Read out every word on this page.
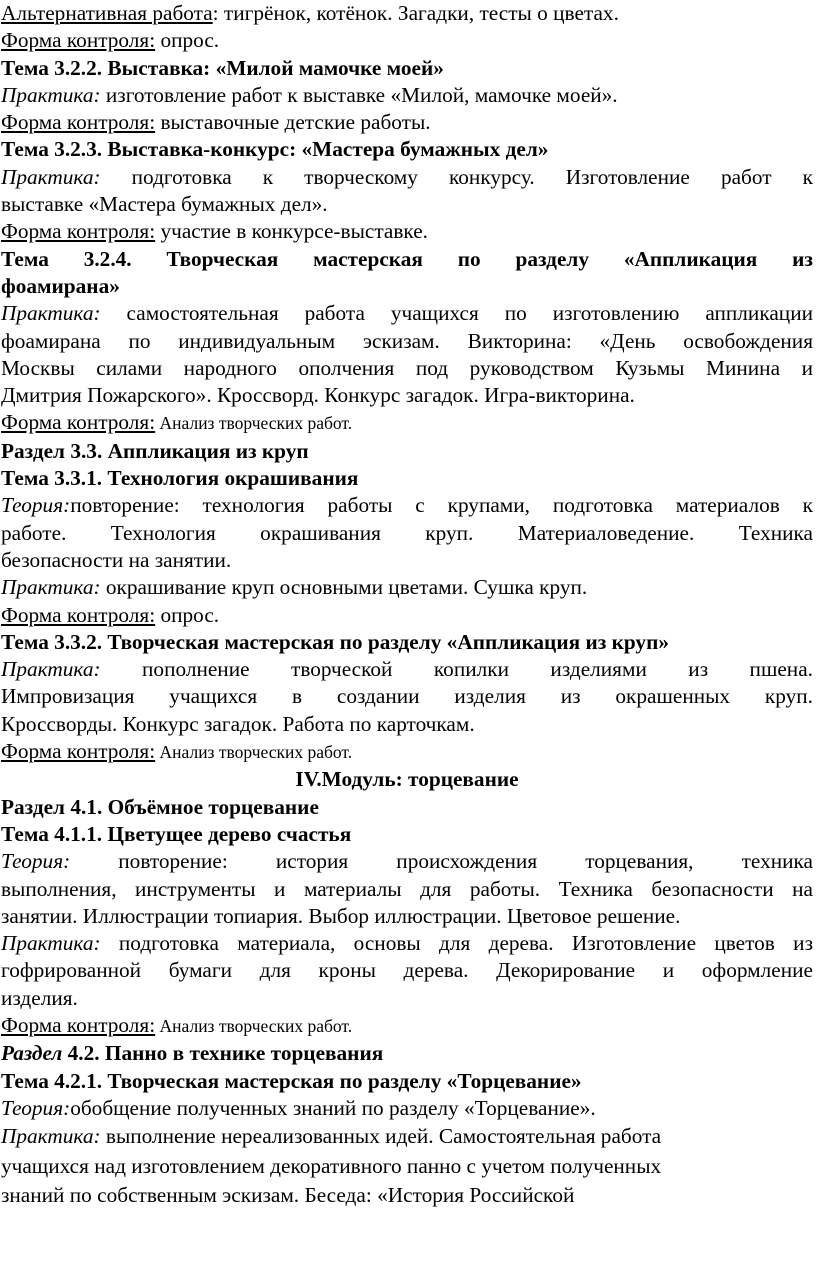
Альтернативная работа: тигрёнок, котёнок. Загадки, тесты о цветах.

Форма контроля: опрос.

Тема 3.2.2. Выставка: «Милой мамочке моей»

Практика: изготовление работ к выставке «Милой, мамочке моей».

Форма контроля: выставочные детские работы.

Тема 3.2.3. Выставка-конкурс: «Мастера бумажных дел»

Практика: подготовка к творческому конкурсу. Изготовление работ к

выставке «Мастера бумажных дел».

Форма контроля: участие в конкурсе-выставке.

Тема 3.2.4. Творческая мастерская по разделу «Аппликация из

фоамирана»

Практика: самостоятельная работа учащихся по изготовлению аппликации

фоамирана по индивидуальным эскизам. Викторина: «День освобождения

Москвы силами народного ополчения под руководством Кузьмы Минина и

Дмитрия Пожарского». Кроссворд. Конкурс загадок. Игра-викторина.

Форма контроля: Анализ творческих работ.

Раздел 3.3. Аппликация из круп

Тема 3.3.1. Технология окрашивания

Теория:повторение: технология работы с крупами, подготовка материалов к

работе. Технология окрашивания круп. Материаловедение. Техника

безопасности на занятии.

Практика: окрашивание круп основными цветами. Сушка круп.

Форма контроля: опрос.

Тема 3.3.2. Творческая мастерская по разделу «Аппликация из круп»

Практика: пополнение творческой копилки изделиями из пшена.

Импровизация учащихся в создании изделия из окрашенных круп.

Кроссворды. Конкурс загадок. Работа по карточкам.

Форма контроля: Анализ творческих работ.

IV.Модуль: торцевание

Раздел 4.1. Объёмное торцевание

Тема 4.1.1. Цветущее дерево счастья

Теория: повторение: история происхождения торцевания, техника

выполнения, инструменты и материалы для работы. Техника безопасности на

занятии. Иллюстрации топиария. Выбор иллюстрации. Цветовое решение.

Практика: подготовка материала, основы для дерева. Изготовление цветов из

гофрированной бумаги для кроны дерева. Декорирование и оформление

изделия.

Форма контроля: Анализ творческих работ.

Раздел 4.2. Панно в технике торцевания

Тема 4.2.1. Творческая мастерская по разделу «Торцевание»

Теория:обобщение полученных знаний по разделу «Торцевание».

Практика: выполнение нереализованных идей. Самостоятельная работа

учащихся над изготовлением декоративного панно с учетом полученных

знаний по собственным эскизам. Беседа: «История Российской
